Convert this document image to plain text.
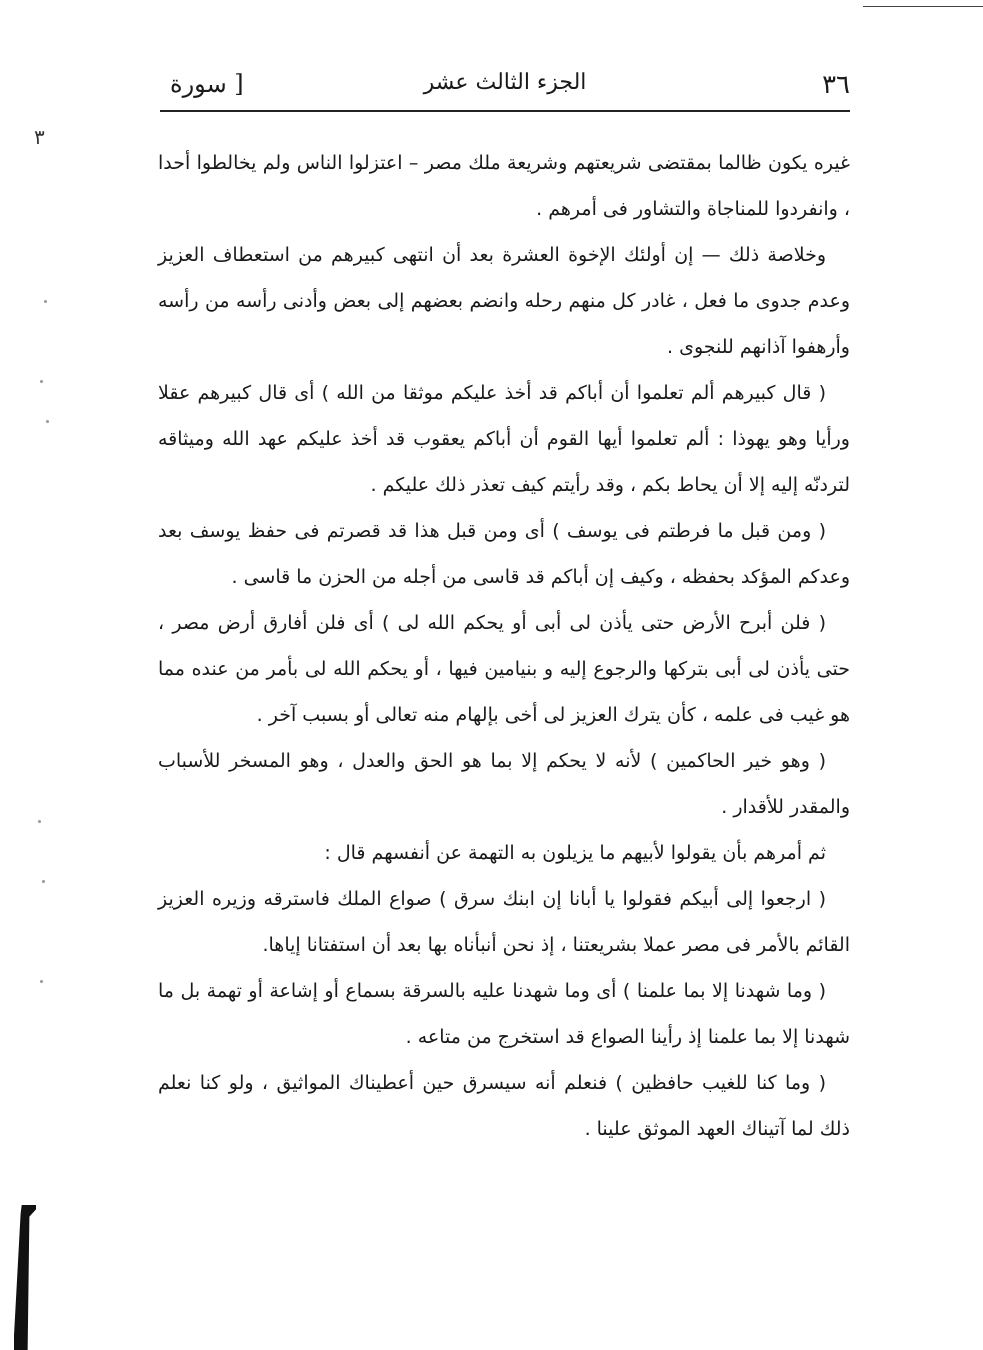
٣
٣٦
الجزء الثالث عشر
[ سورة

غيره يكون ظالما بمقتضى شريعتهم وشريعة ملك مصر – اعتزلوا الناس ولم يخالطوا أحدا ، وانفردوا للمناجاة والتشاور فى أمرهم .

وخلاصة ذلك — إن أولئك الإخوة العشرة بعد أن انتهى كبيرهم من استعطاف العزيز وعدم جدوى ما فعل ، غادر كل منهم رحله وانضم بعضهم إلى بعض وأدنى رأسه من رأسه وأرهفوا آذانهم للنجوى .

( قال كبيرهم ألم تعلموا أن أباكم قد أخذ عليكم موثقا من الله ) أى قال كبيرهم عقلا ورأيا وهو يهوذا : ألم تعلموا أيها القوم أن أباكم يعقوب قد أخذ عليكم عهد الله وميثاقه لتردنّه إليه إلا أن يحاط بكم ، وقد رأيتم كيف تعذر ذلك عليكم .

( ومن قبل ما فرطتم فى يوسف ) أى ومن قبل هذا قد قصرتم فى حفظ يوسف بعد وعدكم المؤكد بحفظه ، وكيف إن أباكم قد قاسى من أجله من الحزن ما قاسى .

( فلن أبرح الأرض حتى يأذن لى أبى أو يحكم الله لى ) أى فلن أفارق أرض مصر ، حتى يأذن لى أبى بتركها والرجوع إليه و بنيامين فيها ، أو يحكم الله لى بأمر من عنده مما هو غيب فى علمه ، كأن يترك العزيز لى أخى بإلهام منه تعالى أو بسبب آخر .

( وهو خير الحاكمين ) لأنه لا يحكم إلا بما هو الحق والعدل ، وهو المسخر للأسباب والمقدر للأقدار .

ثم أمرهم بأن يقولوا لأبيهم ما يزيلون به التهمة عن أنفسهم قال :

( ارجعوا إلى أبيكم فقولوا يا أبانا إن ابنك سرق ) صواع الملك فاسترقه وزيره العزيز القائم بالأمر فى مصر عملا بشريعتنا ، إذ نحن أنبأناه بها بعد أن استفتانا إياها.

( وما شهدنا إلا بما علمنا ) أى وما شهدنا عليه بالسرقة بسماع أو إشاعة أو تهمة بل ما شهدنا إلا بما علمنا إذ رأينا الصواع قد استخرج من متاعه .

( وما كنا للغيب حافظين ) فنعلم أنه سيسرق حين أعطيناك المواثيق ، ولو كنا نعلم ذلك لما آتيناك العهد الموثق علينا .
